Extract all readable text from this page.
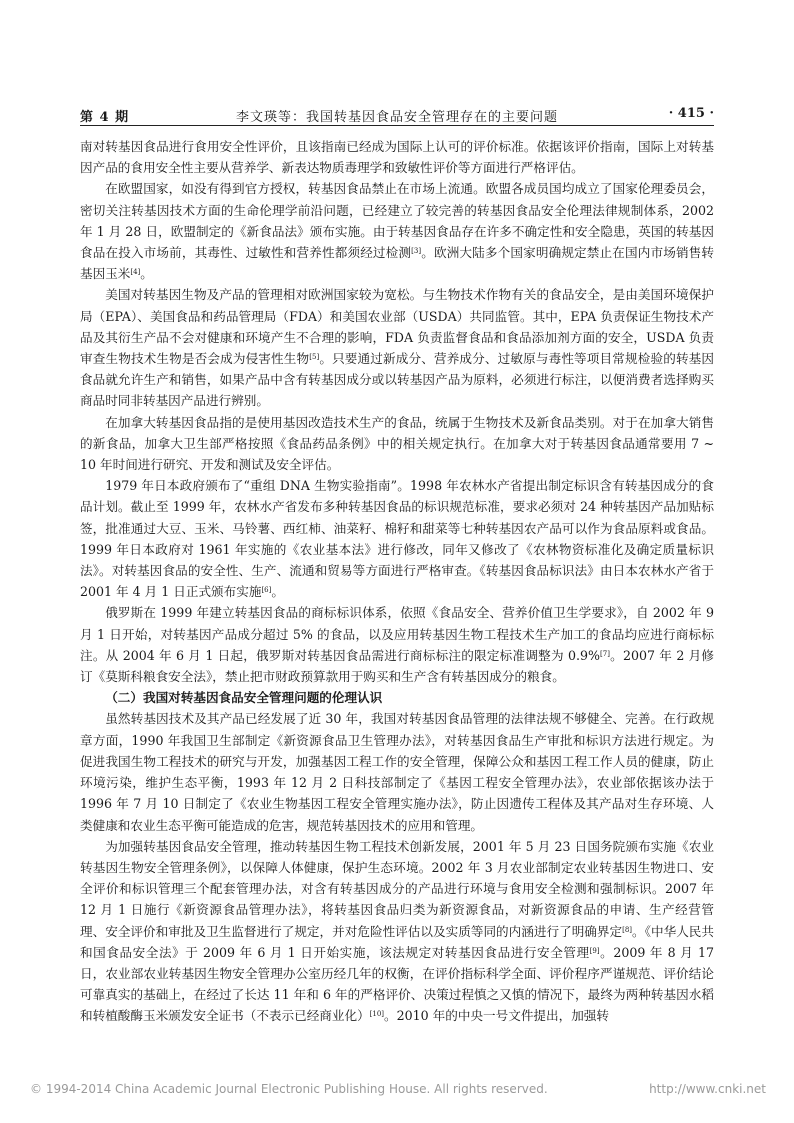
第 4 期	李文瑛等：我国转基因食品安全管理存在的主要问题	· 415 ·

南对转基因食品进行食用安全性评价，且该指南已经成为国际上认可的评价标准。依据该评价指南，国际上对转基因产品的食用安全性主要从营养学、新表达物质毒理学和致敏性评价等方面进行严格评估。

在欧盟国家，如没有得到官方授权，转基因食品禁止在市场上流通。欧盟各成员国均成立了国家伦理委员会，密切关注转基因技术方面的生命伦理学前沿问题，已经建立了较完善的转基因食品安全伦理法律规制体系，2002 年 1 月 28 日，欧盟制定的《新食品法》颁布实施。由于转基因食品存在许多不确定性和安全隐患，英国的转基因食品在投入市场前，其毒性、过敏性和营养性都须经过检测[3]。欧洲大陆多个国家明确规定禁止在国内市场销售转基因玉米[4]。

美国对转基因生物及产品的管理相对欧洲国家较为宽松。与生物技术作物有关的食品安全，是由美国环境保护局（EPA）、美国食品和药品管理局（FDA）和美国农业部（USDA）共同监管。其中，EPA 负责保证生物技术产品及其衍生产品不会对健康和环境产生不合理的影响，FDA 负责监督食品和食品添加剂方面的安全，USDA 负责审查生物技术生物是否会成为侵害性生物[5]。只要通过新成分、营养成分、过敏原与毒性等项目常规检验的转基因食品就允许生产和销售，如果产品中含有转基因成分或以转基因产品为原料，必须进行标注，以便消费者选择购买商品时同非转基因产品进行辨别。

在加拿大转基因食品指的是使用基因改造技术生产的食品，统属于生物技术及新食品类别。对于在加拿大销售的新食品，加拿大卫生部严格按照《食品药品条例》中的相关规定执行。在加拿大对于转基因食品通常要用 7 ~ 10 年时间进行研究、开发和测试及安全评估。

1979 年日本政府颁布了“重组 DNA 生物实验指南”。1998 年农林水产省提出制定标识含有转基因成分的食品计划。截止至 1999 年，农林水产省发布多种转基因食品的标识规范标准，要求必须对 24 种转基因产品加贴标签，批准通过大豆、玉米、马铃薯、西红柿、油菜籽、棉籽和甜菜等七种转基因农产品可以作为食品原料或食品。1999 年日本政府对 1961 年实施的《农业基本法》进行修改，同年又修改了《农林物资标准化及确定质量标识法》。对转基因食品的安全性、生产、流通和贸易等方面进行严格审查。《转基因食品标识法》由日本农林水产省于 2001 年 4 月 1 日正式颁布实施[6]。

俄罗斯在 1999 年建立转基因食品的商标标识体系，依照《食品安全、营养价值卫生学要求》，自 2002 年 9 月 1 日开始，对转基因产品成分超过 5% 的食品，以及应用转基因生物工程技术生产加工的食品均应进行商标标注。从 2004 年 6 月 1 日起，俄罗斯对转基因食品需进行商标标注的限定标准调整为 0.9%[7]。2007 年 2 月修订《莫斯科粮食安全法》，禁止把市财政预算款用于购买和生产含有转基因成分的粮食。

（二）我国对转基因食品安全管理问题的伦理认识

虽然转基因技术及其产品已经发展了近 30 年，我国对转基因食品管理的法律法规不够健全、完善。在行政规章方面，1990 年我国卫生部制定《新资源食品卫生管理办法》，对转基因食品生产审批和标识方法进行规定。为促进我国生物工程技术的研究与开发，加强基因工程工作的安全管理，保障公众和基因工程工作人员的健康，防止环境污染，维护生态平衡，1993 年 12 月 2 日科技部制定了《基因工程安全管理办法》，农业部依据该办法于 1996 年 7 月 10 日制定了《农业生物基因工程安全管理实施办法》，防止因遗传工程体及其产品对生存环境、人类健康和农业生态平衡可能造成的危害，规范转基因技术的应用和管理。

为加强转基因食品安全管理，推动转基因生物工程技术创新发展，2001 年 5 月 23 日国务院颁布实施《农业转基因生物安全管理条例》，以保障人体健康，保护生态环境。2002 年 3 月农业部制定农业转基因生物进口、安全评价和标识管理三个配套管理办法，对含有转基因成分的产品进行环境与食用安全检测和强制标识。2007 年 12 月 1 日施行《新资源食品管理办法》，将转基因食品归类为新资源食品，对新资源食品的申请、生产经营管理、安全评价和审批及卫生监督进行了规定，并对危险性评估以及实质等同的内涵进行了明确界定[8]。《中华人民共和国食品安全法》于 2009 年 6 月 1 日开始实施，该法规定对转基因食品进行安全管理[9]。2009 年 8 月 17 日，农业部农业转基因生物安全管理办公室历经几年的权衡，在评价指标科学全面、评价程序严谨规范、评价结论可靠真实的基础上，在经过了长达 11 年和 6 年的严格评价、决策过程慎之又慎的情况下，最终为两种转基因水稻和转植酸酶玉米颁发安全证书（不表示已经商业化）[10]。2010 年的中央一号文件提出，加强转

© 1994-2014 China Academic Journal Electronic Publishing House. All rights reserved.	http://www.cnki.net
